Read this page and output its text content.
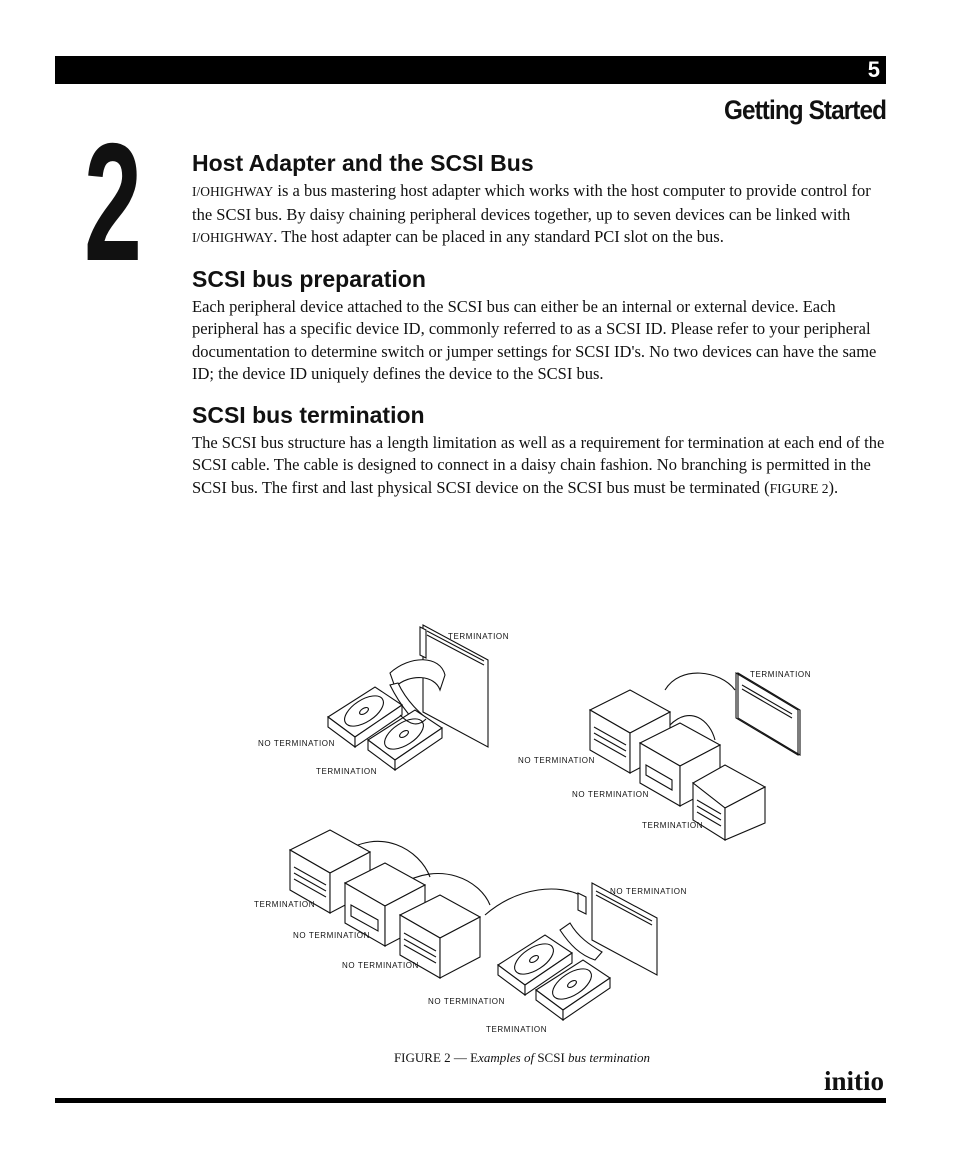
5
Getting Started
2 Host Adapter and the SCSI Bus

I/OHIGHWAY is a bus mastering host adapter which works with the host computer to provide control for the SCSI bus. By daisy chaining peripheral devices together, up to seven devices can be linked with I/OHIGHWAY. The host adapter can be placed in any standard PCI slot on the bus.

SCSI bus preparation

Each peripheral device attached to the SCSI bus can either be an internal or external device. Each peripheral has a specific device ID, commonly referred to as a SCSI ID. Please refer to your peripheral documentation to determine switch or jumper settings for SCSI ID's. No two devices can have the same ID; the device ID uniquely defines the device to the SCSI bus.

SCSI bus termination

The SCSI bus structure has a length limitation as well as a requirement for termination at each end of the SCSI cable. The cable is designed to connect in a daisy chain fashion. No branching is permitted in the SCSI bus. The first and last physical SCSI device on the SCSI bus must be terminated (FIGURE 2).

TERMINATION
NO TERMINATION
TERMINATION
TERMINATION
NO TERMINATION
NO TERMINATION
TERMINATION
NO TERMINATION
TERMINATION
NO TERMINATION
NO TERMINATION
NO TERMINATION
TERMINATION
FIGURE 2 — Examples of SCSI bus termination
initio
